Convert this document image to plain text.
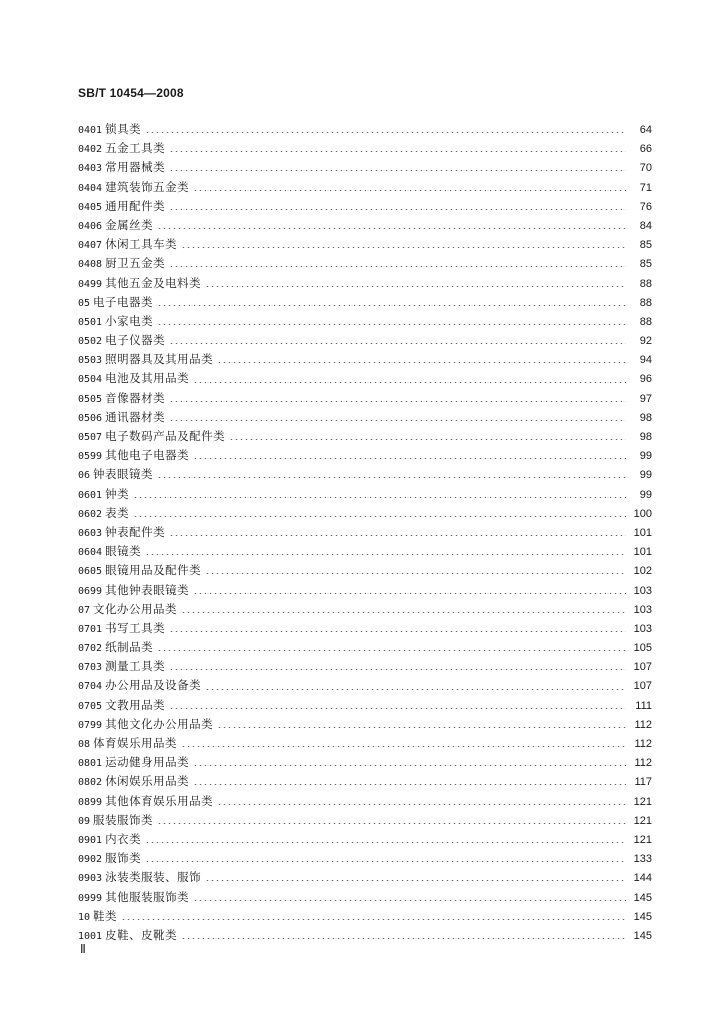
SB/T 10454—2008
0401 锁具类	64
0402 五金工具类	66
0403 常用器械类	70
0404 建筑装饰五金类	71
0405 通用配件类	76
0406 金属丝类	84
0407 休闲工具车类	85
0408 厨卫五金类	85
0499 其他五金及电料类	88
05 电子电器类	88
0501 小家电类	88
0502 电子仪器类	92
0503 照明器具及其用品类	94
0504 电池及其用品类	96
0505 音像器材类	97
0506 通讯器材类	98
0507 电子数码产品及配件类	98
0599 其他电子电器类	99
06 钟表眼镜类	99
0601 钟类	99
0602 表类	100
0603 钟表配件类	101
0604 眼镜类	101
0605 眼镜用品及配件类	102
0699 其他钟表眼镜类	103
07 文化办公用品类	103
0701 书写工具类	103
0702 纸制品类	105
0703 测量工具类	107
0704 办公用品及设备类	107
0705 文教用品类	111
0799 其他文化办公用品类	112
08 体育娱乐用品类	112
0801 运动健身用品类	112
0802 休闲娱乐用品类	117
0899 其他体育娱乐用品类	121
09 服装服饰类	121
0901 内衣类	121
0902 服饰类	133
0903 泳装类服装、服饰	144
0999 其他服装服饰类	145
10 鞋类	145
1001 皮鞋、皮靴类	145
Ⅱ
